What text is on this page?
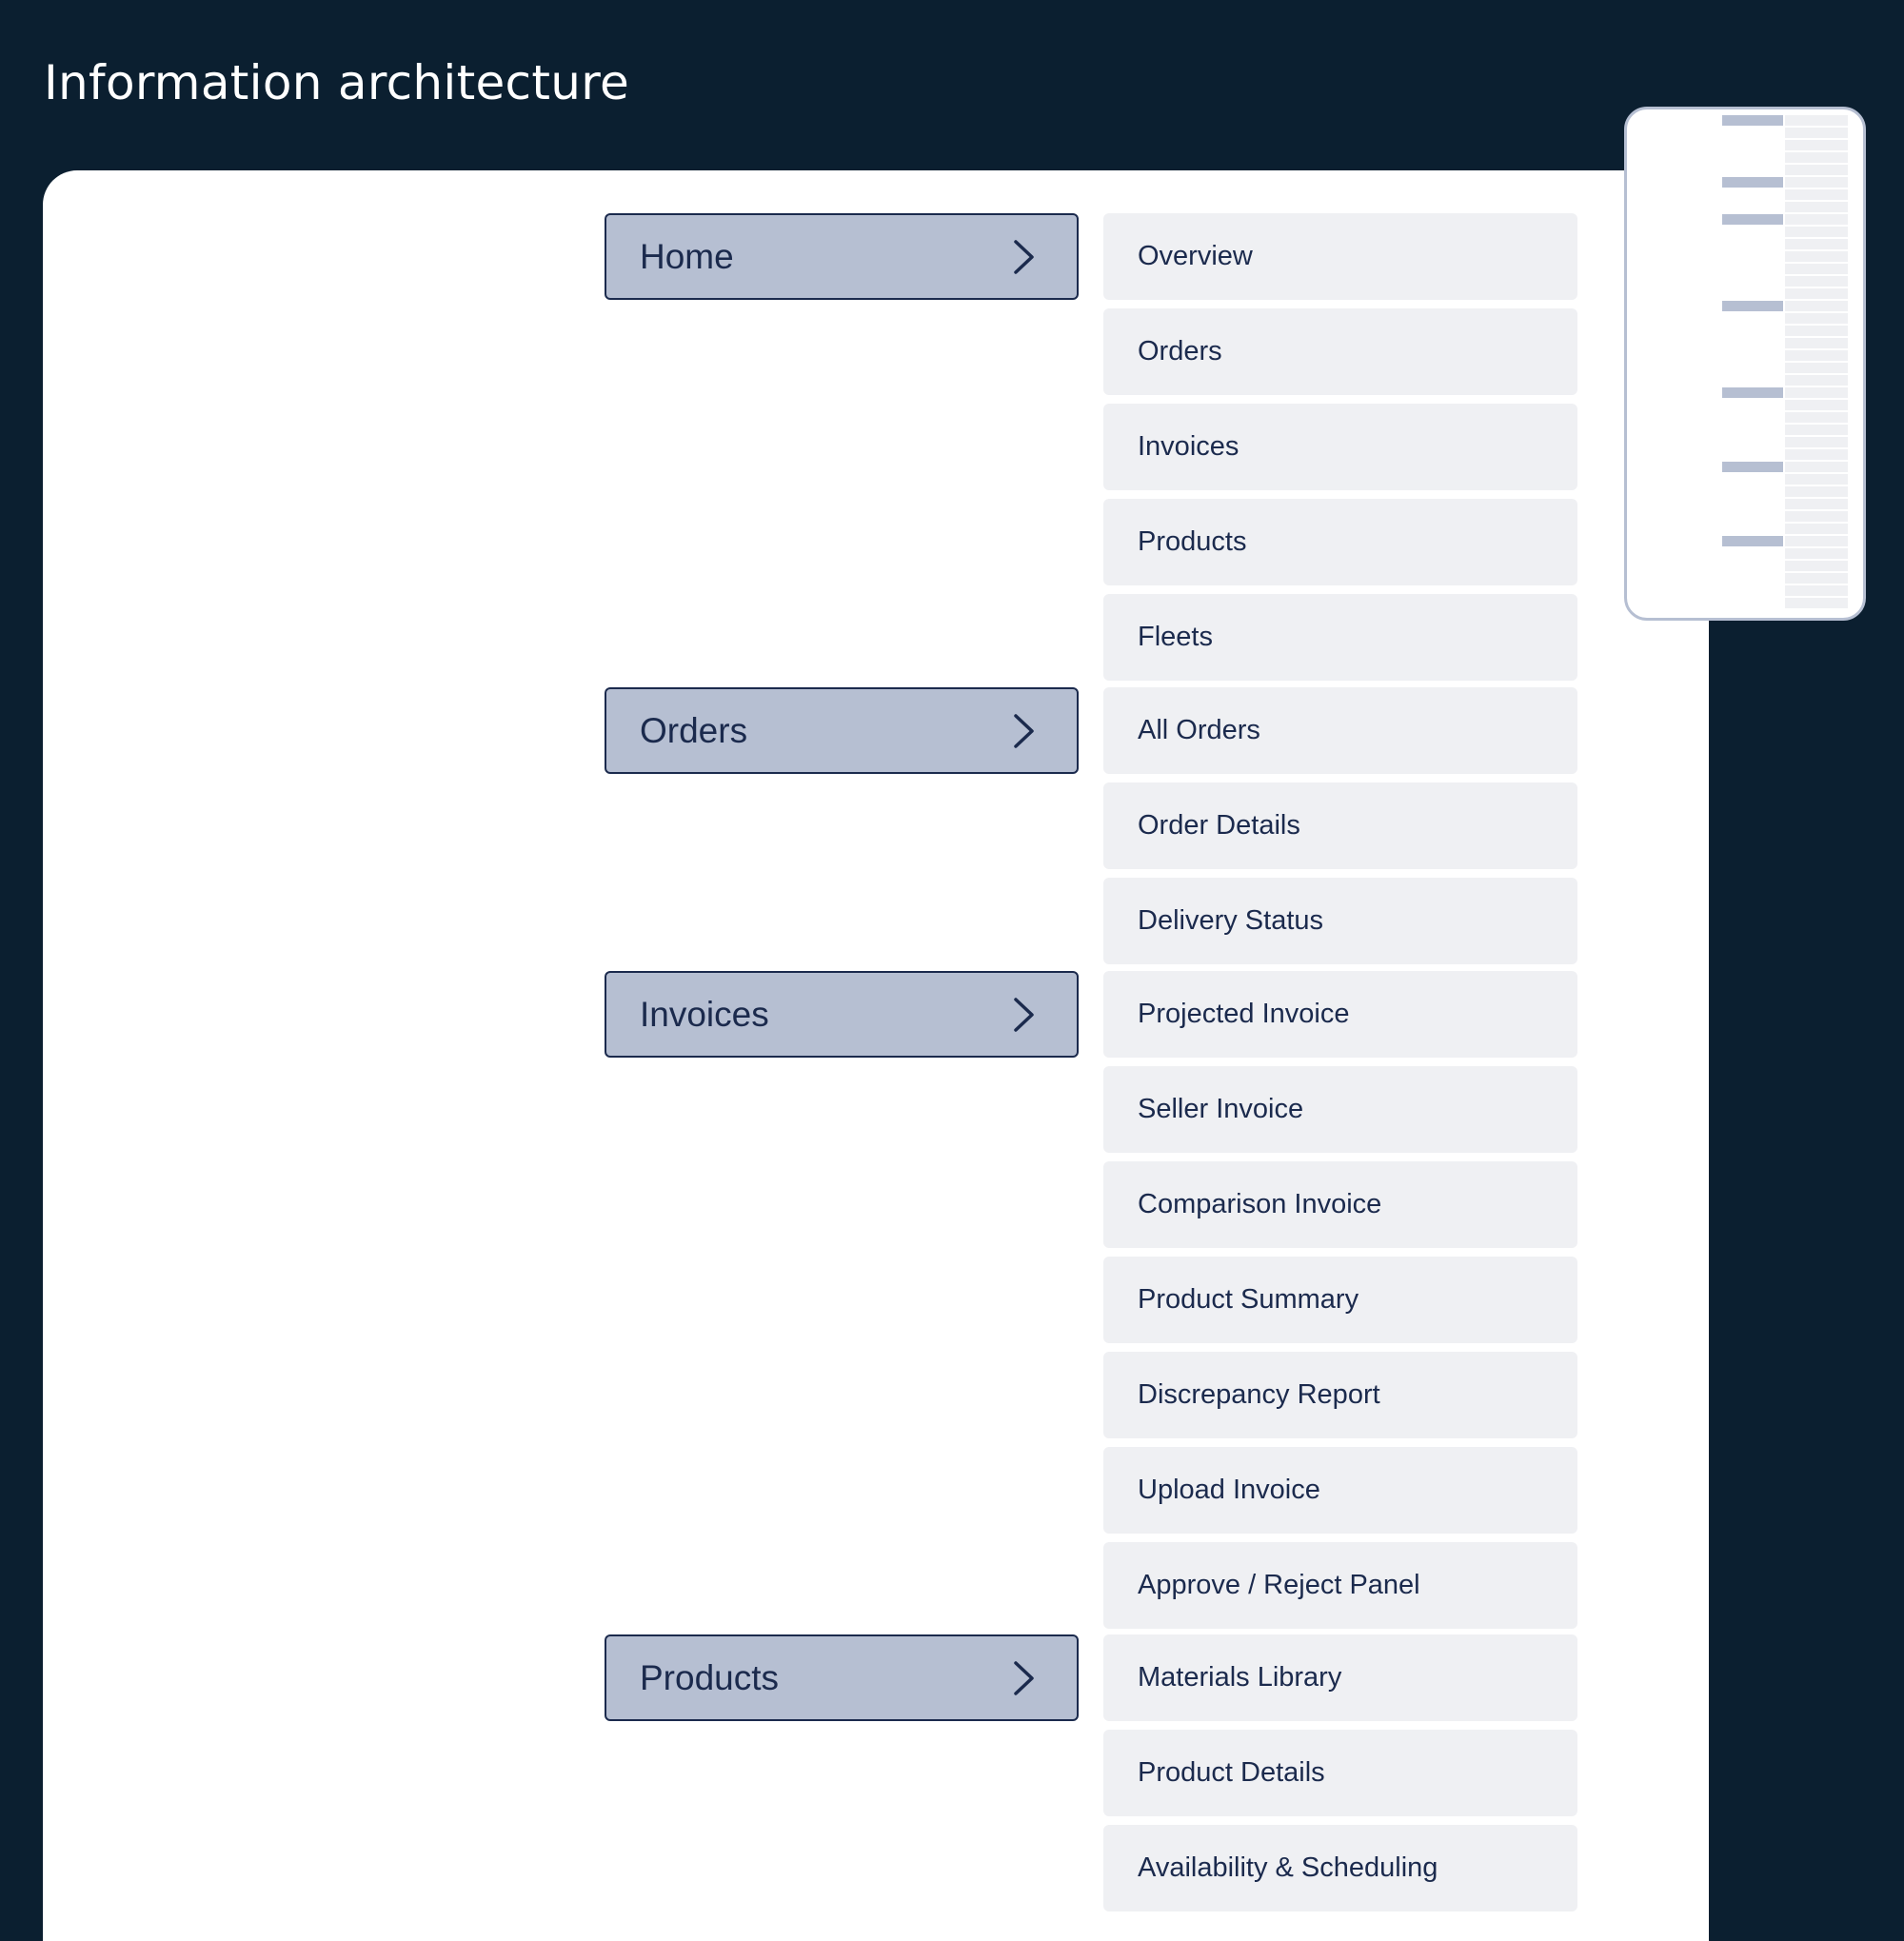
Information architecture
Home	Overview
Orders
Invoices
Products
Fleets
Orders	All Orders
Order Details
Delivery Status
Invoices	Projected Invoice
Seller Invoice
Comparison Invoice
Product Summary
Discrepancy Report
Upload Invoice
Approve / Reject Panel
Products	Materials Library
Product Details
Availability & Scheduling
